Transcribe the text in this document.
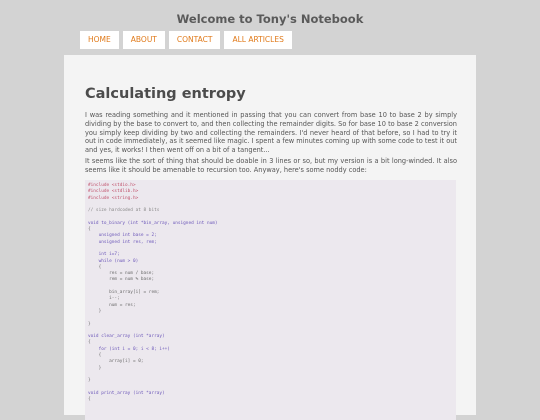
Welcome to Tony's Notebook
HOME	ABOUT	CONTACT	ALL ARTICLES
Calculating entropy

I was reading something and it mentioned in passing that you can convert from base 10 to base 2 by simply dividing by the base to convert to, and then collecting the remainder digits. So for base 10 to base 2 conversion you simply keep dividing by two and collecting the remainders. I'd never heard of that before, so I had to try it out in code immediately, as it seemed like magic. I spent a few minutes coming up with some code to test it out and yes, it works! I then went off on a bit of a tangent...

It seems like the sort of thing that should be doable in 3 lines or so, but my version is a bit long-winded. It also seems like it should be amenable to recursion too. Anyway, here's some noddy code:

#include <stdio.h>
#include <stdlib.h>
#include <string.h>
// size hardcoded at 8 bits
void to_binary (int *bin_array, unsigned int num)
{
unsigned int base = 2;
unsigned int res, rem;
int i=7;
while (num > 0)
{
res = num / base;
rem = num % base;
bin_array[i] = rem;
i--;
num = res;
}
}
void clear_array (int *array)
{
for (int i = 0; i < 8; i++)
{
array[i] = 0;
}
}
void print_array (int *array)
{
